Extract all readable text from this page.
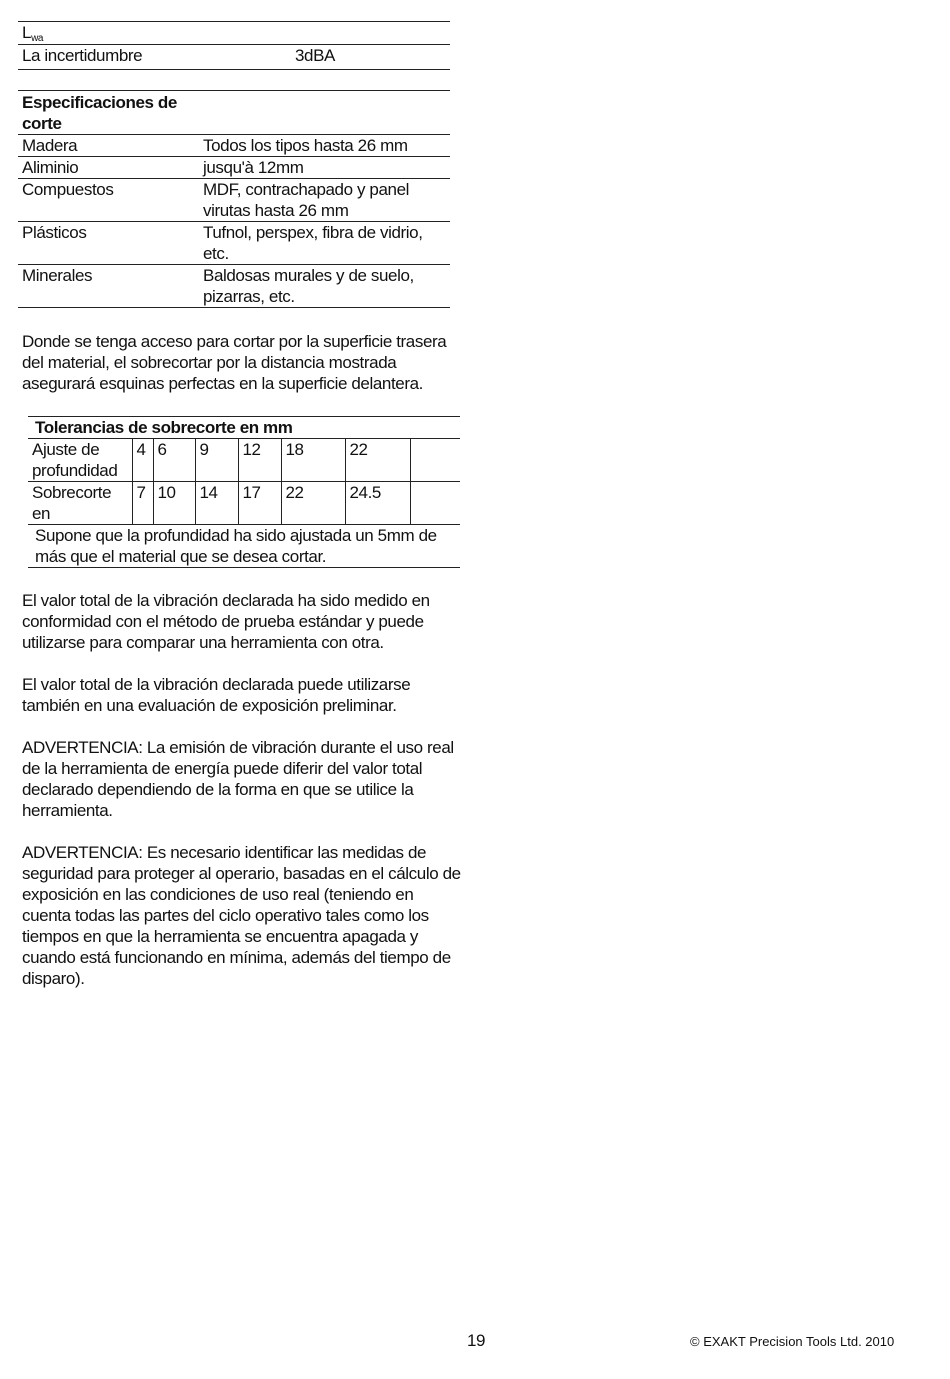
$L_{wa}$
La incertidumbre	3dBA
Especificaciones de corte	
Madera	Todos los tipos hasta 26 mm
Aliminio	jusqu'à 12mm
Compuestos	MDF, contrachapado y panel virutas hasta 26 mm
Plásticos	Tufnol, perspex, fibra de vidrio, etc.
Minerales	Baldosas murales y de suelo, pizarras, etc.

Donde se tenga acceso para cortar por la superficie trasera del material, el sobrecortar por la distancia mostrada asegurará esquinas perfectas en la superficie delantera.

Tolerancias de sobrecorte en mm							
Ajuste de profundidad	4	6	9	12	18	22	
Sobrecorte en	7	10	14	17	22	24.5	
Supone que la profundidad ha sido ajustada un 5mm de más que el material que se desea cortar.							

El valor total de la vibración declarada ha sido medido en conformidad con el método de prueba estándar y puede utilizarse para comparar una herramienta con otra.

El valor total de la vibración declarada puede utilizarse también en una evaluación de exposición preliminar.

ADVERTENCIA: La emisión de vibración durante el uso real de la herramienta de energía puede diferir del valor total declarado dependiendo de la forma en que se utilice la herramienta.

ADVERTENCIA: Es necesario identificar las medidas de seguridad para proteger al operario, basadas en el cálculo de exposición en las condiciones de uso real (teniendo en cuenta todas las partes del ciclo operativo tales como los tiempos en que la herramienta se encuentra apagada y cuando está funcionando en mínima, además del tiempo de disparo).

19	© EXAKT Precision Tools Ltd. 2010
